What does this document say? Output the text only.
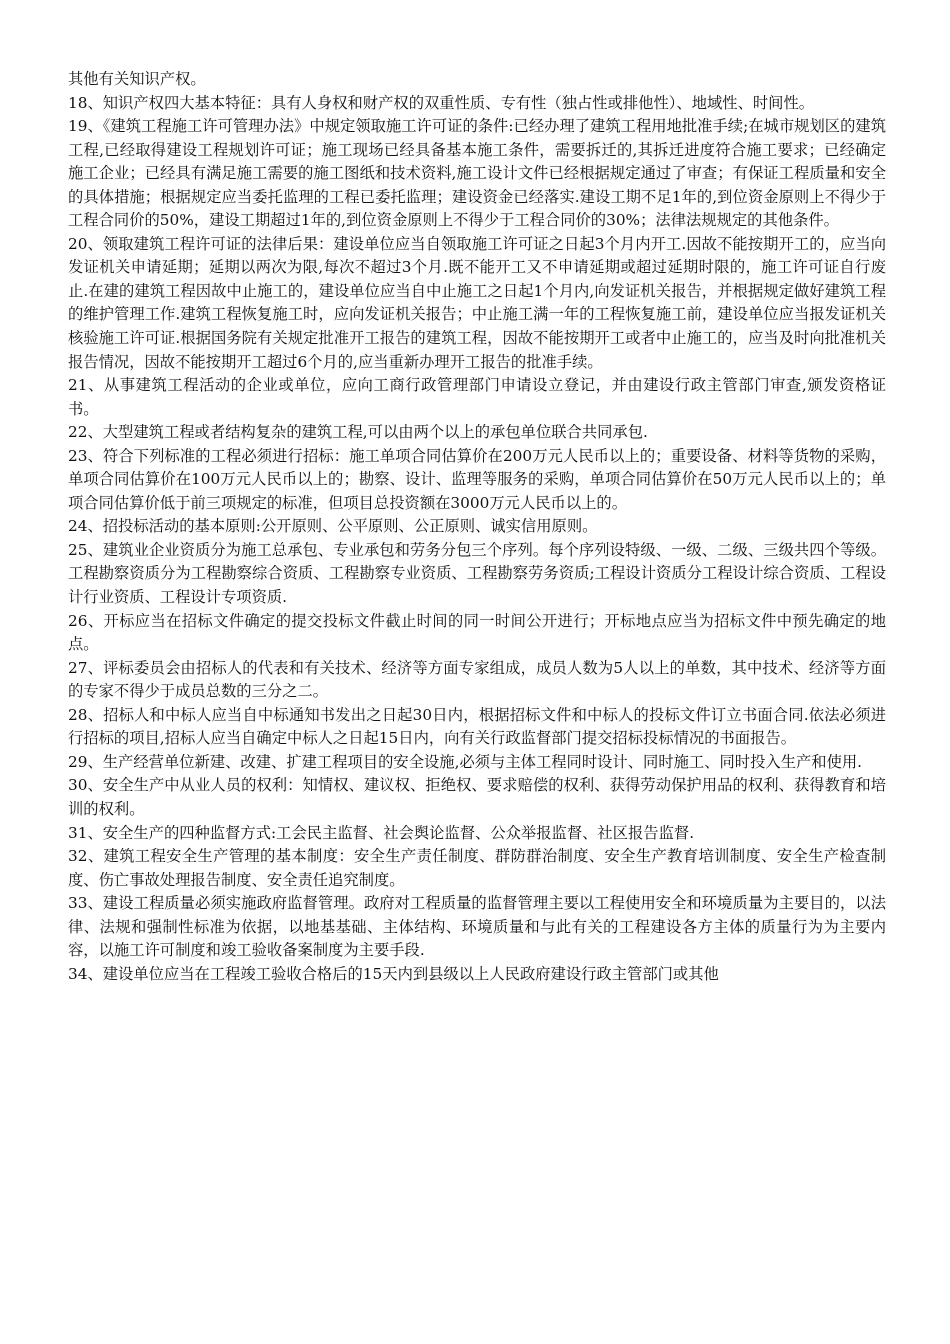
其他有关知识产权。

18、知识产权四大基本特征：具有人身权和财产权的双重性质、专有性（独占性或排他性）、地域性、时间性。

19、《建筑工程施工许可管理办法》中规定领取施工许可证的条件:已经办理了建筑工程用地批准手续;在城市规划区的建筑工程,已经取得建设工程规划许可证；施工现场已经具备基本施工条件，需要拆迁的,其拆迁进度符合施工要求；已经确定施工企业；已经具有满足施工需要的施工图纸和技术资料,施工设计文件已经根据规定通过了审查；有保证工程质量和安全的具体措施；根据规定应当委托监理的工程已委托监理；建设资金已经落实.建设工期不足1年的,到位资金原则上不得少于工程合同价的50%，建设工期超过1年的,到位资金原则上不得少于工程合同价的30%；法律法规规定的其他条件。

20、领取建筑工程许可证的法律后果：建设单位应当自领取施工许可证之日起3个月内开工.因故不能按期开工的，应当向发证机关申请延期；延期以两次为限,每次不超过3个月.既不能开工又不申请延期或超过延期时限的，施工许可证自行废止.在建的建筑工程因故中止施工的，建设单位应当自中止施工之日起1个月内,向发证机关报告，并根据规定做好建筑工程的维护管理工作.建筑工程恢复施工时，应向发证机关报告；中止施工满一年的工程恢复施工前，建设单位应当报发证机关核验施工许可证.根据国务院有关规定批准开工报告的建筑工程，因故不能按期开工或者中止施工的，应当及时向批准机关报告情况，因故不能按期开工超过6个月的,应当重新办理开工报告的批准手续。

21、从事建筑工程活动的企业或单位，应向工商行政管理部门申请设立登记，并由建设行政主管部门审查,颁发资格证书。

22、大型建筑工程或者结构复杂的建筑工程,可以由两个以上的承包单位联合共同承包.

23、符合下列标准的工程必须进行招标：施工单项合同估算价在200万元人民币以上的；重要设备、材料等货物的采购，单项合同估算价在100万元人民币以上的；勘察、设计、监理等服务的采购，单项合同估算价在50万元人民币以上的；单项合同估算价低于前三项规定的标准，但项目总投资额在3000万元人民币以上的。

24、招投标活动的基本原则:公开原则、公平原则、公正原则、诚实信用原则。

25、建筑业企业资质分为施工总承包、专业承包和劳务分包三个序列。每个序列设特级、一级、二级、三级共四个等级。工程勘察资质分为工程勘察综合资质、工程勘察专业资质、工程勘察劳务资质;工程设计资质分工程设计综合资质、工程设计行业资质、工程设计专项资质.

26、开标应当在招标文件确定的提交投标文件截止时间的同一时间公开进行；开标地点应当为招标文件中预先确定的地点。

27、评标委员会由招标人的代表和有关技术、经济等方面专家组成，成员人数为5人以上的单数，其中技术、经济等方面的专家不得少于成员总数的三分之二。

28、招标人和中标人应当自中标通知书发出之日起30日内，根据招标文件和中标人的投标文件订立书面合同.依法必须进行招标的项目,招标人应当自确定中标人之日起15日内，向有关行政监督部门提交招标投标情况的书面报告。

29、生产经营单位新建、改建、扩建工程项目的安全设施,必须与主体工程同时设计、同时施工、同时投入生产和使用.

30、安全生产中从业人员的权利：知情权、建议权、拒绝权、要求赔偿的权利、获得劳动保护用品的权利、获得教育和培训的权利。

31、安全生产的四种监督方式:工会民主监督、社会舆论监督、公众举报监督、社区报告监督.

32、建筑工程安全生产管理的基本制度：安全生产责任制度、群防群治制度、安全生产教育培训制度、安全生产检查制度、伤亡事故处理报告制度、安全责任追究制度。

33、建设工程质量必须实施政府监督管理。政府对工程质量的监督管理主要以工程使用安全和环境质量为主要目的，以法律、法规和强制性标准为依据，以地基基础、主体结构、环境质量和与此有关的工程建设各方主体的质量行为为主要内容，以施工许可制度和竣工验收备案制度为主要手段.

34、建设单位应当在工程竣工验收合格后的15天内到县级以上人民政府建设行政主管部门或其他
